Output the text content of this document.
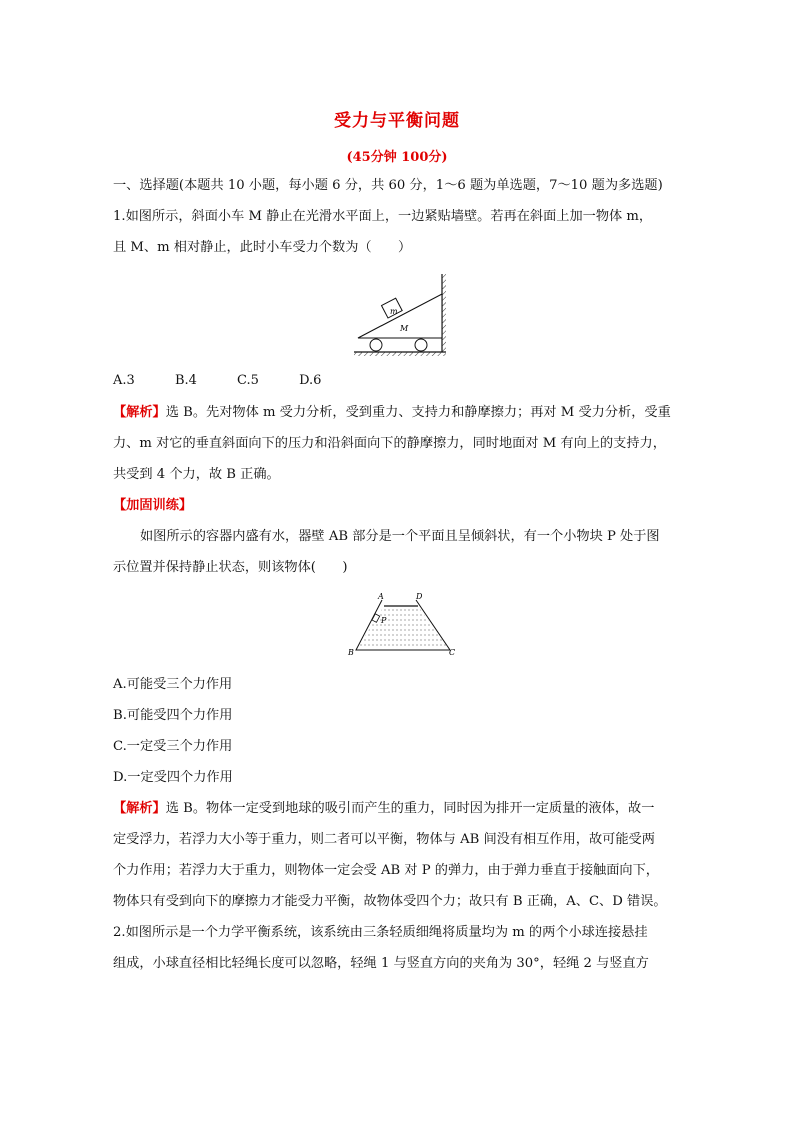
受力与平衡问题
(45分钟 100分)
一、选择题(本题共 10 小题，每小题 6 分，共 60 分，1～6 题为单选题，7～10 题为多选题)
1.如图所示，斜面小车 M 静止在光滑水平面上，一边紧贴墙壁。若再在斜面上加一物体 m，
且 M、m 相对静止，此时小车受力个数为（　　）
m
M
A.3	B.4	C.5	D.6
【解析】选 B。先对物体 m 受力分析，受到重力、支持力和静摩擦力；再对 M 受力分析，受重
力、m 对它的垂直斜面向下的压力和沿斜面向下的静摩擦力，同时地面对 M 有向上的支持力，
共受到 4 个力，故 B 正确。
【加固训练】
如图所示的容器内盛有水，器壁 AB 部分是一个平面且呈倾斜状，有一个小物块 P 处于图
示位置并保持静止状态，则该物体(　　)
A	D
B	C
P
A.可能受三个力作用
B.可能受四个力作用
C.一定受三个力作用
D.一定受四个力作用
【解析】选 B。物体一定受到地球的吸引而产生的重力，同时因为排开一定质量的液体，故一
定受浮力，若浮力大小等于重力，则二者可以平衡，物体与 AB 间没有相互作用，故可能受两
个力作用；若浮力大于重力，则物体一定会受 AB 对 P 的弹力，由于弹力垂直于接触面向下，
物体只有受到向下的摩擦力才能受力平衡，故物体受四个力；故只有 B 正确，A、C、D 错误。
2.如图所示是一个力学平衡系统，该系统由三条轻质细绳将质量均为 m 的两个小球连接悬挂
组成，小球直径相比轻绳长度可以忽略，轻绳 1 与竖直方向的夹角为 30°，轻绳 2 与竖直方
